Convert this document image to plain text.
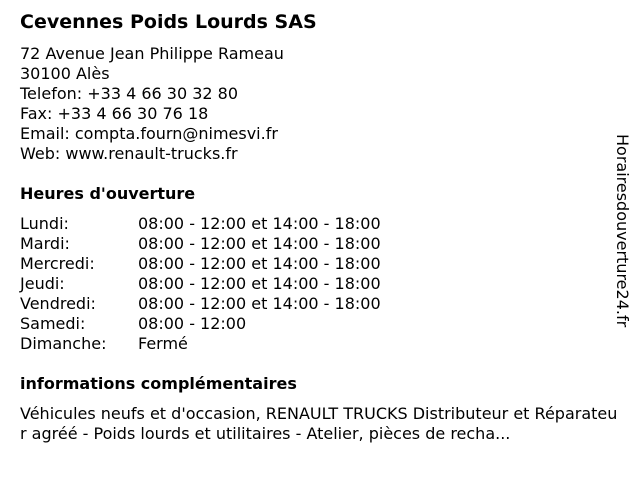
Cevennes Poids Lourds SAS
72 Avenue Jean Philippe Rameau
30100 Alès
Telefon: +33 4 66 30 32 80
Fax: +33 4 66 30 76 18
Email: compta.fourn@nimesvi.fr
Web: www.renault-trucks.fr
Heures d'ouverture
Lundi:	08:00 - 12:00 et 14:00 - 18:00
Mardi:	08:00 - 12:00 et 14:00 - 18:00
Mercredi:	08:00 - 12:00 et 14:00 - 18:00
Jeudi:	08:00 - 12:00 et 14:00 - 18:00
Vendredi:	08:00 - 12:00 et 14:00 - 18:00
Samedi:	08:00 - 12:00
Dimanche:	Fermé
informations complémentaires
Véhicules neufs et d'occasion, RENAULT TRUCKS Distributeur et Réparateur agréé - Poids lourds et utilitaires - Atelier, pièces de recha...
Horairesdouverture24.fr
